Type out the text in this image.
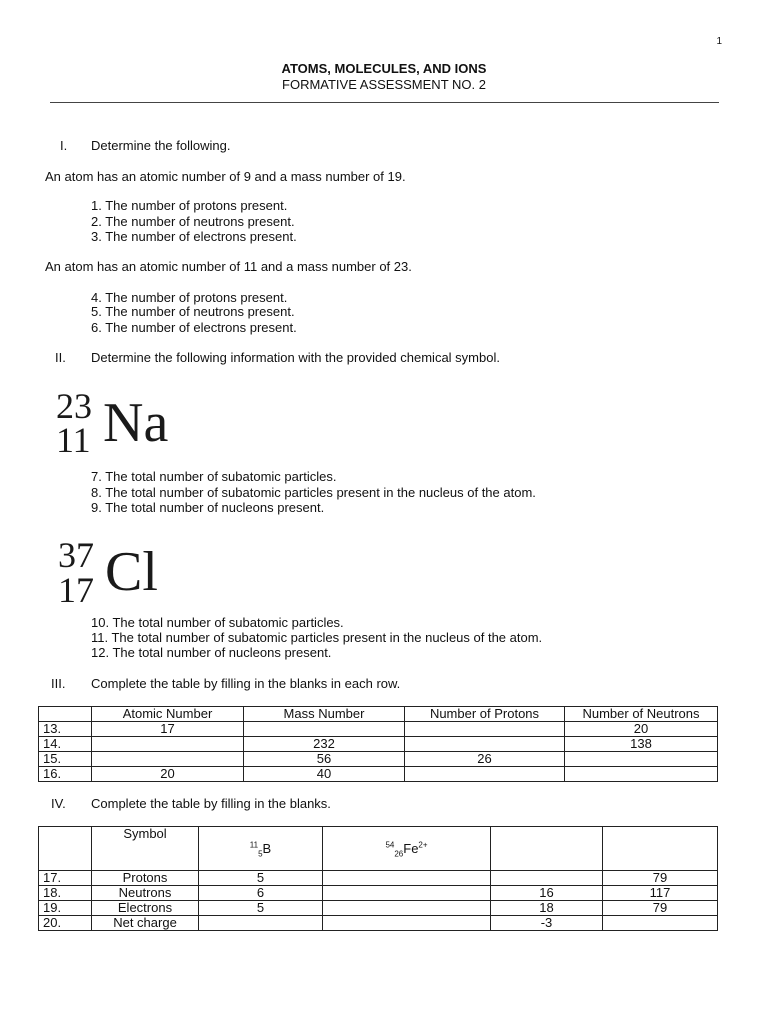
1
ATOMS, MOLECULES, AND IONS
FORMATIVE ASSESSMENT NO. 2
I. Determine the following.
An atom has an atomic number of 9 and a mass number of 19.
1. The number of protons present.
2. The number of neutrons present.
3. The number of electrons present.
An atom has an atomic number of 11 and a mass number of 23.
4. The number of protons present.
5. The number of neutrons present.
6. The number of electrons present.
II. Determine the following information with the provided chemical symbol.
23
11 Na
7. The total number of subatomic particles.
8. The total number of subatomic particles present in the nucleus of the atom.
9. The total number of nucleons present.
37
17 Cl
10. The total number of subatomic particles.
11. The total number of subatomic particles present in the nucleus of the atom.
12. The total number of nucleons present.
III. Complete the table by filling in the blanks in each row.
	Atomic Number	Mass Number	Number of Protons	Number of Neutrons
13.	17			20
14.		232		138
15.		56	26	
16.	20	40		
IV. Complete the table by filling in the blanks.
	Symbol	$^{11}_5$B	$^{54}_{26}Fe^{2+}$		
17.	Protons	5			79
18.	Neutrons	6		16	117
19.	Electrons	5		18	79
20.	Net charge			-3	
